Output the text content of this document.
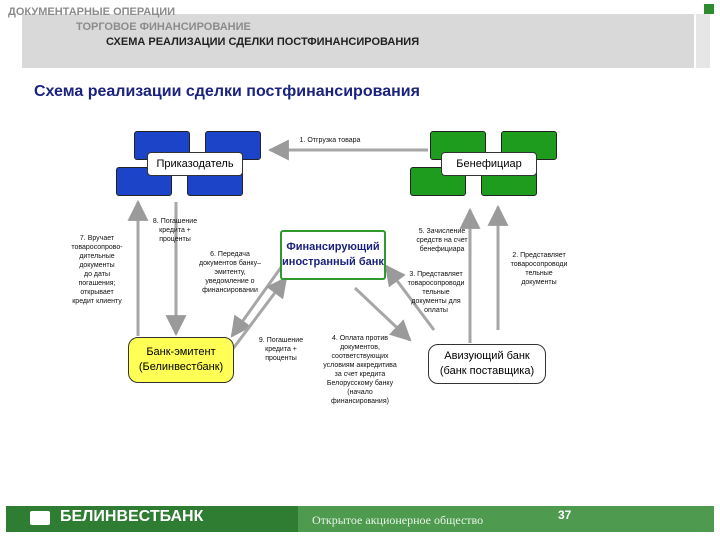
ДОКУМЕНТАРНЫЕ ОПЕРАЦИИ
ТОРГОВОЕ ФИНАНСИРОВАНИЕ
СХЕМА РЕАЛИЗАЦИИ СДЕЛКИ ПОСТФИНАНСИРОВАНИЯ
Схема реализации сделки постфинансирования
Приказодатель	Бенефициар
Финансирующий
иностранный банк
Банк-эмитент
(Белинвестбанк)
Авизующий банк
(банк поставщика)
1. Отгрузка товара
2. Представляет
товаросопроводи
тельные
документы
3. Представляет
товаросопроводи
тельные
документы для
оплаты
4. Оплата против
документов,
соответствующих
условиям аккредитива
за счет кредита
Белорусскому банку
(начало
финансирования)
5. Зачисление
средств на счет
бенефициара
6. Передача
документов банку–
эмитенту,
уведомление о
финансировании
7. Вручает
товаросопрово-
дительные
документы
до даты
погашения;
открывает
кредит клиенту
8. Погашение
кредита +
проценты
9. Погашение
кредита +
проценты
БЕЛИНВЕСТБАНК	Открытое акционерное общество	37
